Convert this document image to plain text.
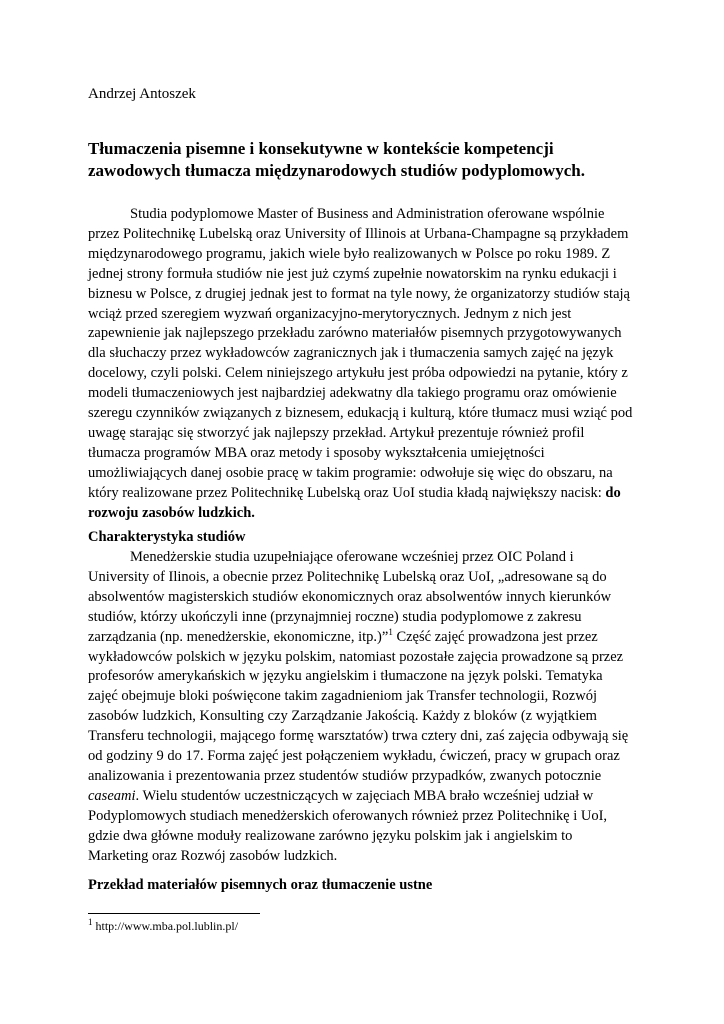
Andrzej Antoszek
Tłumaczenia pisemne i konsekutywne w kontekście kompetencji
zawodowych tłumacza międzynarodowych studiów podyplomowych.
Studia podyplomowe Master of Business and Administration oferowane wspólnie
przez Politechnikę Lubelską oraz University of Illinois at Urbana-Champagne są przykładem
międzynarodowego programu, jakich wiele było realizowanych w Polsce po roku 1989. Z
jednej strony formuła studiów nie jest już czymś zupełnie nowatorskim na rynku edukacji i
biznesu w Polsce, z drugiej jednak jest to format na tyle nowy, że organizatorzy studiów stają
wciąż przed szeregiem wyzwań organizacyjno-merytorycznych. Jednym z nich jest
zapewnienie jak najlepszego przekładu zarówno materiałów pisemnych przygotowywanych
dla słuchaczy przez wykładowców zagranicznych jak i tłumaczenia samych zajęć na język
docelowy, czyli polski. Celem niniejszego artykułu jest próba odpowiedzi na pytanie, który z
modeli tłumaczeniowych jest najbardziej adekwatny dla takiego programu oraz omówienie
szeregu czynników związanych z biznesem, edukacją i kulturą, które tłumacz musi wziąć pod
uwagę starając się stworzyć jak najlepszy przekład. Artykuł prezentuje również profil
tłumacza programów MBA oraz metody i sposoby wykształcenia umiejętności
umożliwiających danej osobie pracę w takim programie: odwołuje się więc do obszaru, na
który realizowane przez Politechnikę Lubelską oraz UoI studia kładą największy nacisk: do
rozwoju zasobów ludzkich.
Charakterystyka studiów
Menedżerskie studia uzupełniające oferowane wcześniej przez OIC Poland i
University of Ilinois, a obecnie przez Politechnikę Lubelską oraz UoI, „adresowane są do
absolwentów magisterskich studiów ekonomicznych oraz absolwentów innych kierunków
studiów, którzy ukończyli inne (przynajmniej roczne) studia podyplomowe z zakresu
zarządzania (np. menedżerskie, ekonomiczne, itp.)”$^1$ Część zajęć prowadzona jest przez
wykładowców polskich w języku polskim, natomiast pozostałe zajęcia prowadzone są przez
profesorów amerykańskich w języku angielskim i tłumaczone na język polski. Tematyka
zajęć obejmuje bloki poświęcone takim zagadnieniom jak Transfer technologii, Rozwój
zasobów ludzkich, Konsulting czy Zarządzanie Jakością. Każdy z bloków (z wyjątkiem
Transferu technologii, mającego formę warsztatów) trwa cztery dni, zaś zajęcia odbywają się
od godziny 9 do 17. Forma zajęć jest połączeniem wykładu, ćwiczeń, pracy w grupach oraz
analizowania i prezentowania przez studentów studiów przypadków, zwanych potocznie
caseami. Wielu studentów uczestniczących w zajęciach MBA brało wcześniej udział w
Podyplomowych studiach menedżerskich oferowanych również przez Politechnikę i UoI,
gdzie dwa główne moduły realizowane zarówno języku polskim jak i angielskim to
Marketing oraz Rozwój zasobów ludzkich.
Przekład materiałów pisemnych oraz tłumaczenie ustne
$^1$ http://www.mba.pol.lublin.pl/
